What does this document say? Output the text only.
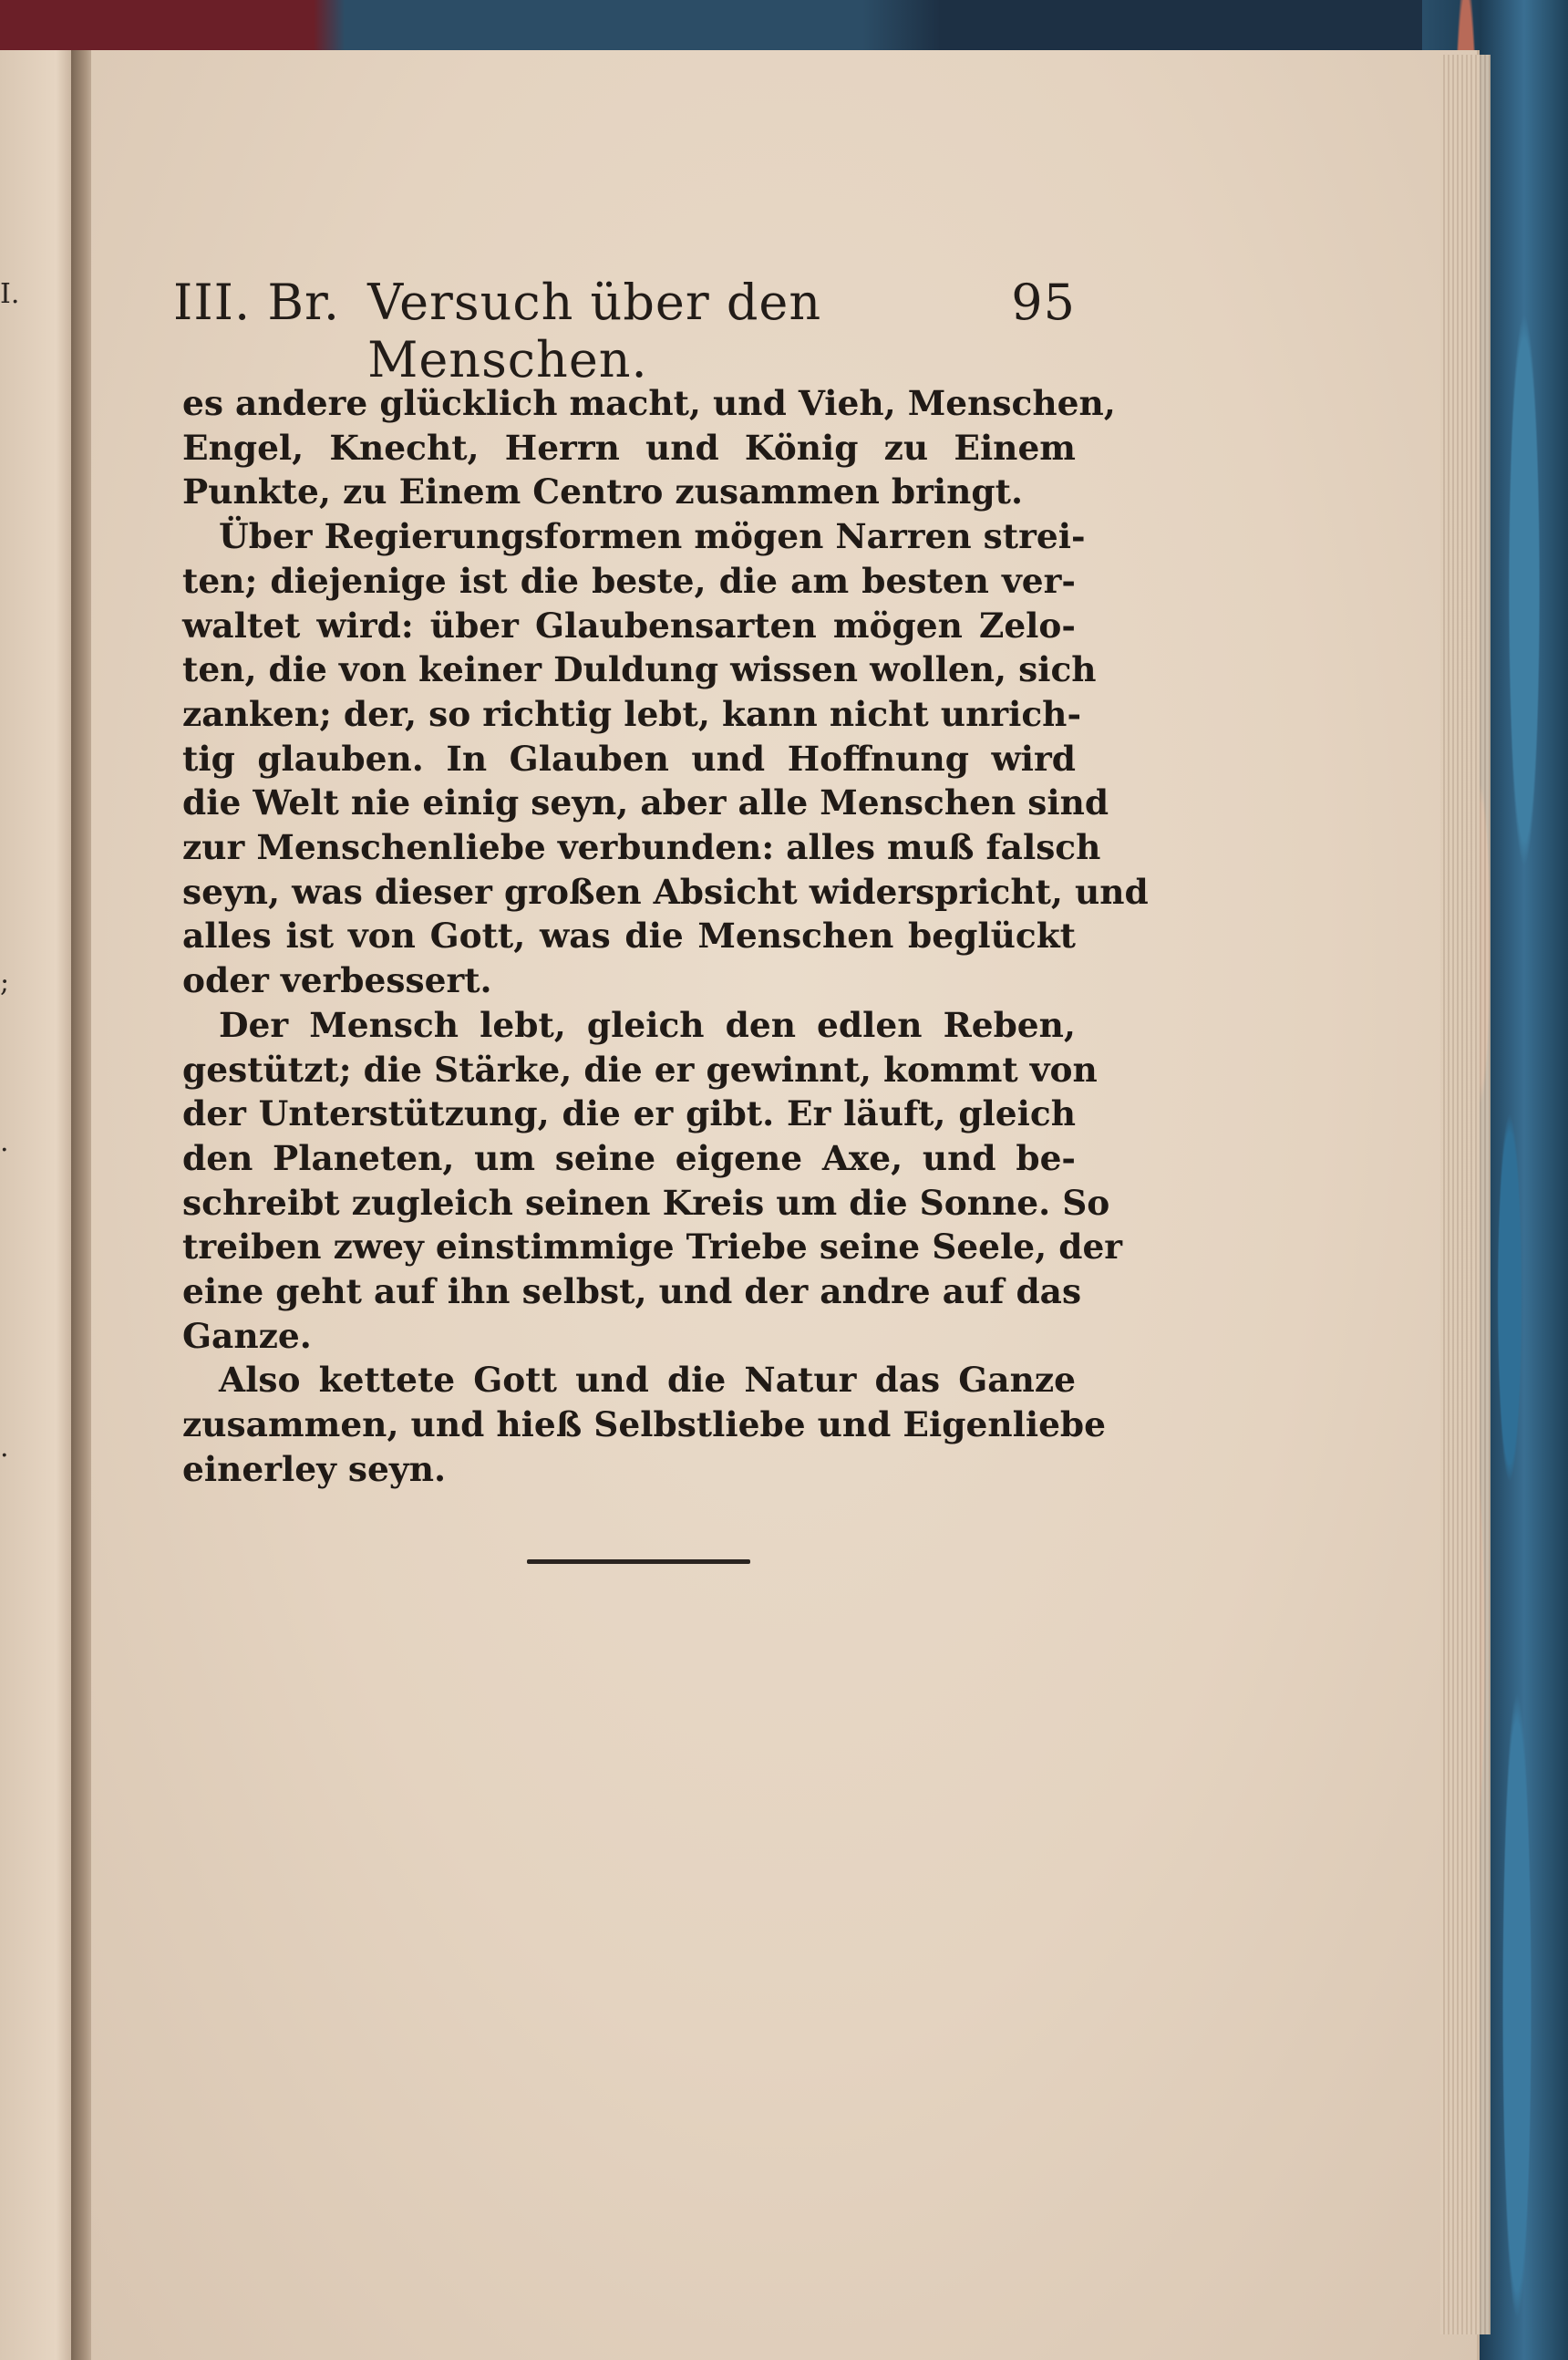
I.
;
.
.
III. Br. Versuch über den Menschen.
95
es andere glücklich macht, und Vieh, Menschen,
Engel, Knecht, Herrn und König zu Einem
Punkte, zu Einem Centro zusammen bringt.
Über Regierungsformen mögen Narren strei-
ten; diejenige ist die beste, die am besten ver-
waltet wird: über Glaubensarten mögen Zelo-
ten, die von keiner Duldung wissen wollen, sich
zanken; der, so richtig lebt, kann nicht unrich-
tig glauben. In Glauben und Hoffnung wird
die Welt nie einig seyn, aber alle Menschen sind
zur Menschenliebe verbunden: alles muß falsch
seyn, was dieser großen Absicht widerspricht, und
alles ist von Gott, was die Menschen beglückt
oder verbessert.
Der Mensch lebt, gleich den edlen Reben,
gestützt; die Stärke, die er gewinnt, kommt von
der Unterstützung, die er gibt. Er läuft, gleich
den Planeten, um seine eigene Axe, und be-
schreibt zugleich seinen Kreis um die Sonne. So
treiben zwey einstimmige Triebe seine Seele, der
eine geht auf ihn selbst, und der andre auf das
Ganze.
Also kettete Gott und die Natur das Ganze
zusammen, und hieß Selbstliebe und Eigenliebe
einerley seyn.
